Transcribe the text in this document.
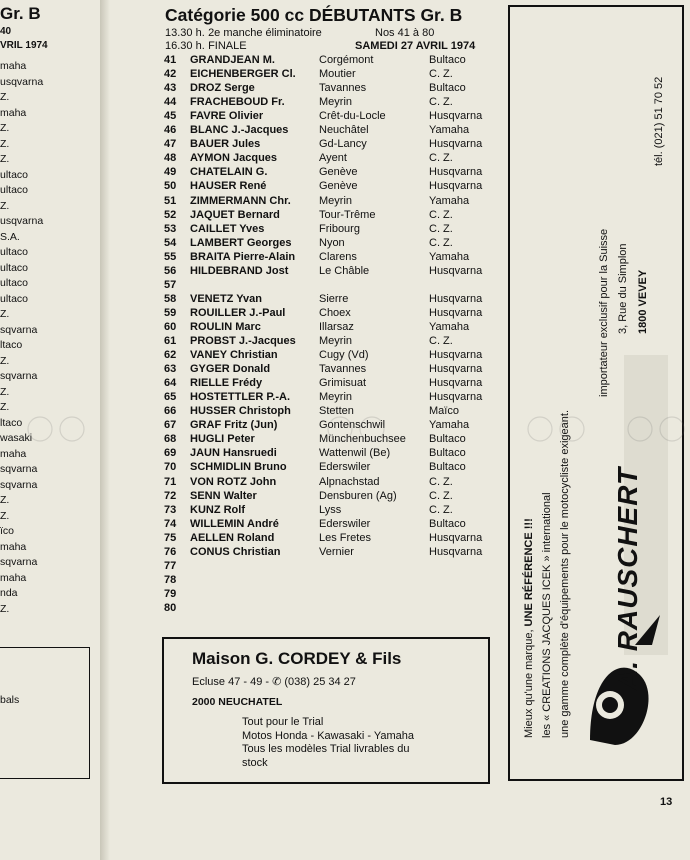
Gr. B
40
VRIL 1974
maha
usqvarna
Z.
maha
Z.
Z.
Z.
ultaco
ultaco
Z.
usqvarna
S.A.
ultaco
ultaco
ultaco
ultaco
Z.
sqvarna
ltaco
Z.
sqvarna
Z.
Z.
ltaco
wasaki
maha
sqvarna
sqvarna
Z.
Z.
ïco
maha
sqvarna
maha
nda
Z.
bals
Catégorie 500 cc DÉBUTANTS Gr. B
13.30 h. 2e manche éliminatoire	Nos 41 à 80
16.30 h. FINALE	SAMEDI 27 AVRIL 1974
41	GRANDJEAN M.	Corgémont	Bultaco
42	EICHENBERGER Cl. Moutier	C. Z.
43	DROZ Serge	Tavannes	Bultaco
44	FRACHEBOUD Fr.	Meyrin	C. Z.
45	FAVRE Olivier	Crêt-du-Locle	Husqvarna
46	BLANC J.-Jacques	Neuchâtel	Yamaha
47	BAUER Jules	Gd-Lancy	Husqvarna
48	AYMON Jacques	Ayent	C. Z.
49	CHATELAIN G.	Genève	Husqvarna
50	HAUSER René	Genève	Husqvarna
51	ZIMMERMANN Chr.	Meyrin	Yamaha
52	JAQUET Bernard	Tour-Trême	C. Z.
53	CAILLET Yves	Fribourg	C. Z.
54	LAMBERT Georges	Nyon	C. Z.
55	BRAITA Pierre-Alain Clarens	Yamaha
56	HILDEBRAND Jost	Le Châble	Husqvarna
57
58	VENETZ Yvan	Sierre	Husqvarna
59	ROUILLER J.-Paul	Choex	Husqvarna
60	ROULIN Marc	Illarsaz	Yamaha
61	PROBST J.-Jacques Meyrin	C. Z.
62	VANEY Christian	Cugy (Vd)	Husqvarna
63	GYGER Donald	Tavannes	Husqvarna
64	RIELLE Frédy	Grimisuat	Husqvarna
65	HOSTETTLER P.-A.	Meyrin	Husqvarna
66	HUSSER Christoph	Stetten	Maïco
67	GRAF Fritz (Jun)	Gontenschwil	Yamaha
68	HUGLI Peter	Münchenbuchsee Bultaco
69	JAUN Hansruedi	Wattenwil (Be)	Bultaco
70	SCHMIDLIN Bruno	Ederswiler	Bultaco
71	VON ROTZ John	Alpnachstad	C. Z.
72	SENN Walter	Densburen (Ag)	C. Z.
73	KUNZ Rolf	Lyss	C. Z.
74	WILLEMIN André	Ederswiler	Bultaco
75	AELLEN Roland	Les Fretes	Husqvarna
76	CONUS Christian	Vernier	Husqvarna
77
78
79
80
Maison G. CORDEY & Fils
Ecluse 47 - 49 - ✆ (038) 25 34 27
2000 NEUCHATEL
Tout pour le Trial
Motos Honda - Kawasaki - Yamaha
Tous les modèles Trial livrables du
stock
Mieux qu'une marque, UNE RÉFÉRENCE !!! les « CREATIONS JACQUES ICEK » international une gamme complète d'équipements pour le motocycliste exigeant.
importateur exclusif pour la Suisse 3, Rue du Simplon 1800 VEVEY
tél. (021) 51 70 52
A. RAUSCHERT
13
